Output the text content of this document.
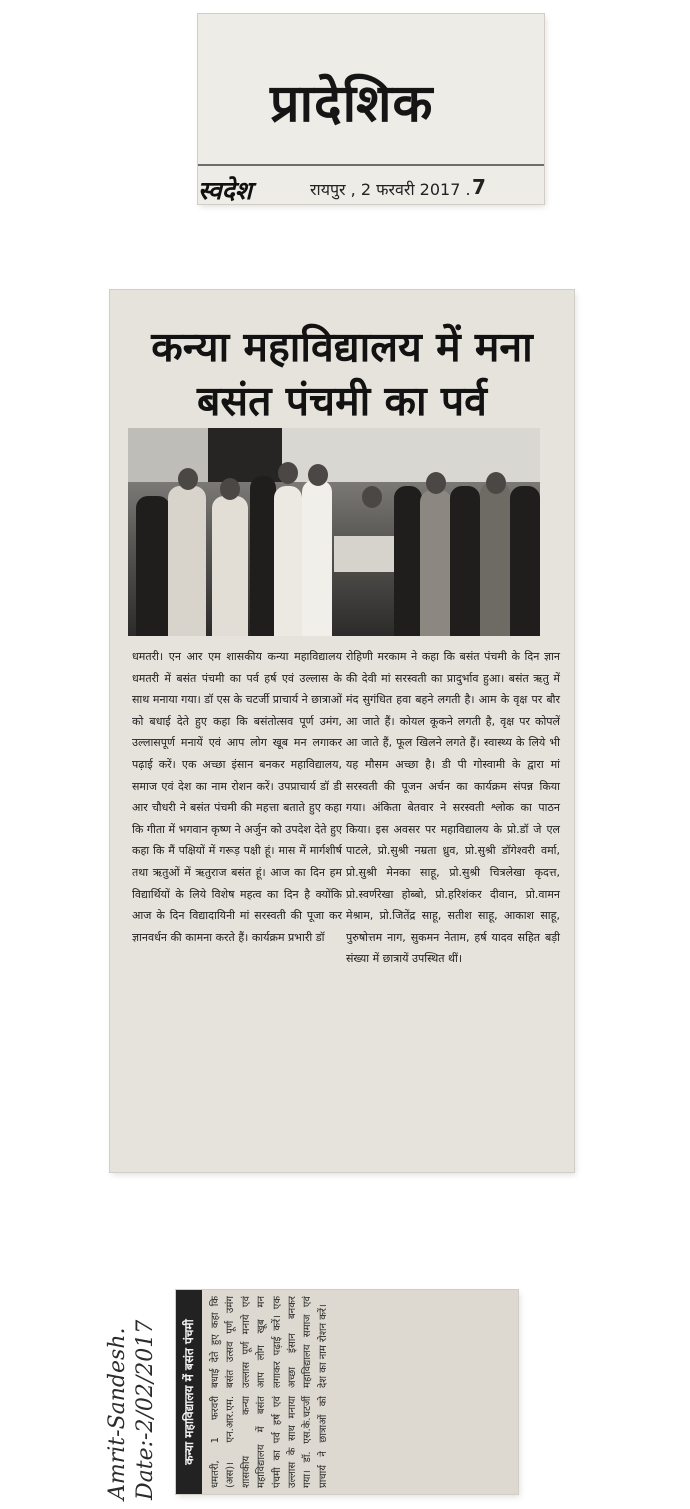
प्रादेशिक
स्वदेश	रायपुर , 2 फरवरी 2017 . 7
कन्या महाविद्यालय में मना बसंत पंचमी का पर्व
धमतरी। एन आर एम शासकीय कन्या महाविद्यालय धमतरी में बसंत पंचमी का पर्व हर्ष एवं उल्लास के साथ मनाया गया। डॉ एस के चटर्जी प्राचार्य ने छात्राओं को बधाई देते हुए कहा कि बसंतोत्सव पूर्ण उमंग, उल्लासपूर्ण मनायें एवं आप लोग खूब मन लगाकर पढ़ाई करें। एक अच्छा इंसान बनकर महाविद्यालय, समाज एवं देश का नाम रोशन करें। उपप्राचार्य डॉ डी आर चौधरी ने बसंत पंचमी की महत्ता बताते हुए कहा कि गीता में भगवान कृष्ण ने अर्जुन को उपदेश देते हुए कहा कि मैं पक्षियों में गरूड़ पक्षी हूं। मास में मार्गशीर्ष तथा ऋतुओं में ऋतुराज बसंत हूं। आज का दिन हम विद्यार्थियों के लिये विशेष महत्व का दिन है क्योंकि आज के दिन विद्यादायिनी मां सरस्वती की पूजा कर ज्ञानवर्धन की कामना करते हैं। कार्यक्रम प्रभारी डॉ
रोहिणी मरकाम ने कहा कि बसंत पंचमी के दिन ज्ञान की देवी मां सरस्वती का प्रादुर्भाव हुआ। बसंत ऋतु में मंद सुगंधित हवा बहने लगती है। आम के वृक्ष पर बौर आ जाते हैं। कोयल कूकने लगती है, वृक्ष पर कोपलें आ जाते हैं, फूल खिलने लगते हैं। स्वास्थ्य के लिये भी यह मौसम अच्छा है। डी पी गोस्वामी के द्वारा मां सरस्वती की पूजन अर्चन का कार्यक्रम संपन्न किया गया। अंकिता बेतवार ने सरस्वती श्लोक का पाठन किया। इस अवसर पर महाविद्यालय के प्रो.डॉ जे एल पाटले, प्रो.सुश्री नम्रता ध्रुव, प्रो.सुश्री डॉगेश्वरी वर्मा, प्रो.सुश्री मेनका साहू, प्रो.सुश्री चित्रलेखा कृदत्त, प्रो.स्वर्णरेखा होब्बो, प्रो.हरिशंकर दीवान, प्रो.वामन मेश्राम, प्रो.जितेंद्र साहू, सतीश साहू, आकाश साहू, पुरुषोत्तम नाग, सुकमन नेताम, हर्ष यादव सहित बड़ी संख्या में छात्रायें उपस्थित थीं।
कन्या महाविद्यालय में बसंत पंचमी	धमतरी, 1 फरवरी (अस)। एन.आर.एम. शासकीय कन्या महाविद्यालय में बसंत पंचमी का पर्व हर्ष एवं उल्लास के साथ मनाया गया। डॉ. एस.के.चटर्जी प्राचार्य ने छात्राओं को बधाई देते हुए कहा कि बसंत उत्सव पूर्ण उमंग उल्लास पूर्ण मनाये एवं आप लोग खूब मन लगाकर पढ़ाई करें। एक अच्छा इंसान बनकर महाविद्यालय समाज एवं देश का नाम रोशन करें।
Amrit-Sandesh. Date:-2/02/2017
